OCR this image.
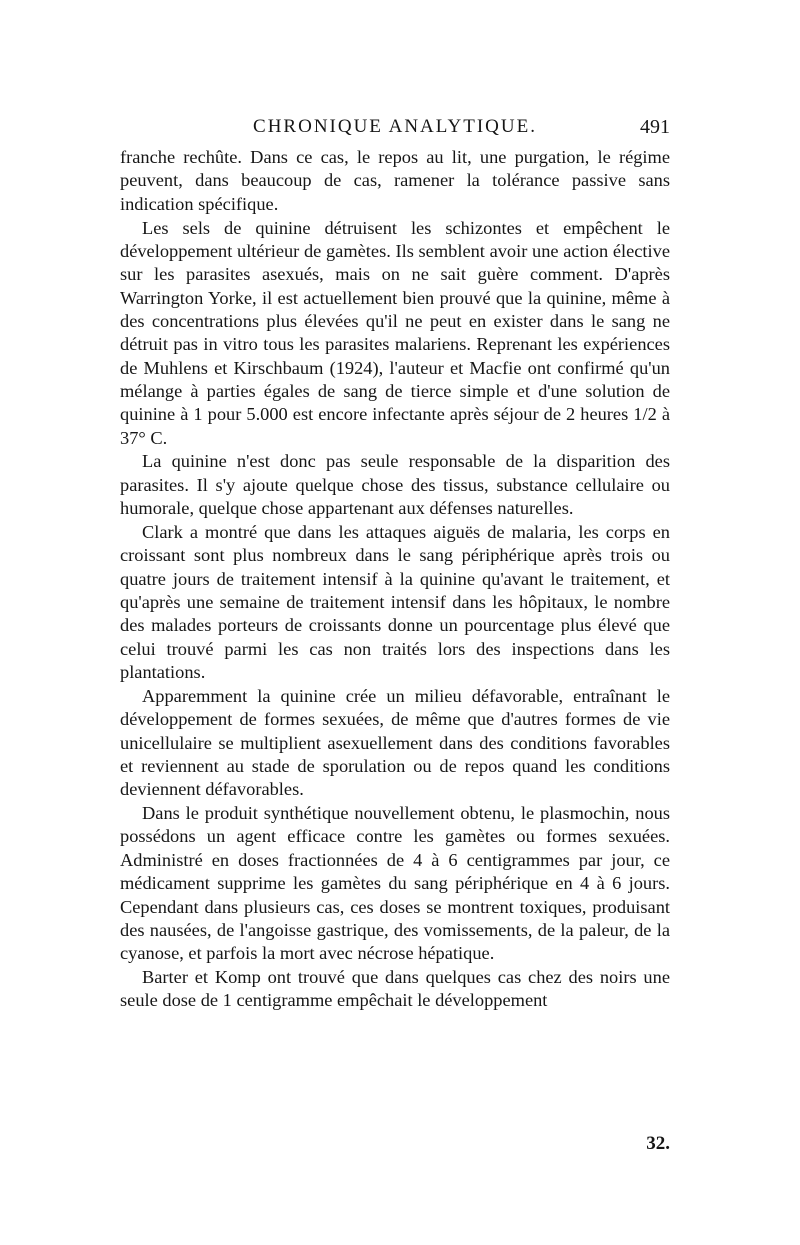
CHRONIQUE ANALYTIQUE.	491

franche rechûte. Dans ce cas, le repos au lit, une purgation, le régime peuvent, dans beaucoup de cas, ramener la tolérance passive sans indication spécifique.

Les sels de quinine détruisent les schizontes et empêchent le développement ultérieur de gamètes. Ils semblent avoir une action élective sur les parasites asexués, mais on ne sait guère comment. D'après Warrington Yorke, il est actuellement bien prouvé que la quinine, même à des concentrations plus élevées qu'il ne peut en exister dans le sang ne détruit pas in vitro tous les parasites malariens. Reprenant les expériences de Muhlens et Kirschbaum (1924), l'auteur et Macfie ont confirmé qu'un mélange à parties égales de sang de tierce simple et d'une solution de quinine à 1 pour 5.000 est encore infectante après séjour de 2 heures 1/2 à 37° C.

La quinine n'est donc pas seule responsable de la disparition des parasites. Il s'y ajoute quelque chose des tissus, substance cellulaire ou humorale, quelque chose appartenant aux défenses naturelles.

Clark a montré que dans les attaques aiguës de malaria, les corps en croissant sont plus nombreux dans le sang périphérique après trois ou quatre jours de traitement intensif à la quinine qu'avant le traitement, et qu'après une semaine de traitement intensif dans les hôpitaux, le nombre des malades porteurs de croissants donne un pourcentage plus élevé que celui trouvé parmi les cas non traités lors des inspections dans les plantations.

Apparemment la quinine crée un milieu défavorable, entraînant le développement de formes sexuées, de même que d'autres formes de vie unicellulaire se multiplient asexuellement dans des conditions favorables et reviennent au stade de sporulation ou de repos quand les conditions deviennent défavorables.

Dans le produit synthétique nouvellement obtenu, le plasmochin, nous possédons un agent efficace contre les gamètes ou formes sexuées. Administré en doses fractionnées de 4 à 6 centigrammes par jour, ce médicament supprime les gamètes du sang périphérique en 4 à 6 jours. Cependant dans plusieurs cas, ces doses se montrent toxiques, produisant des nausées, de l'angoisse gastrique, des vomissements, de la paleur, de la cyanose, et parfois la mort avec nécrose hépatique.

Barter et Komp ont trouvé que dans quelques cas chez des noirs une seule dose de 1 centigramme empêchait le développement

32.
